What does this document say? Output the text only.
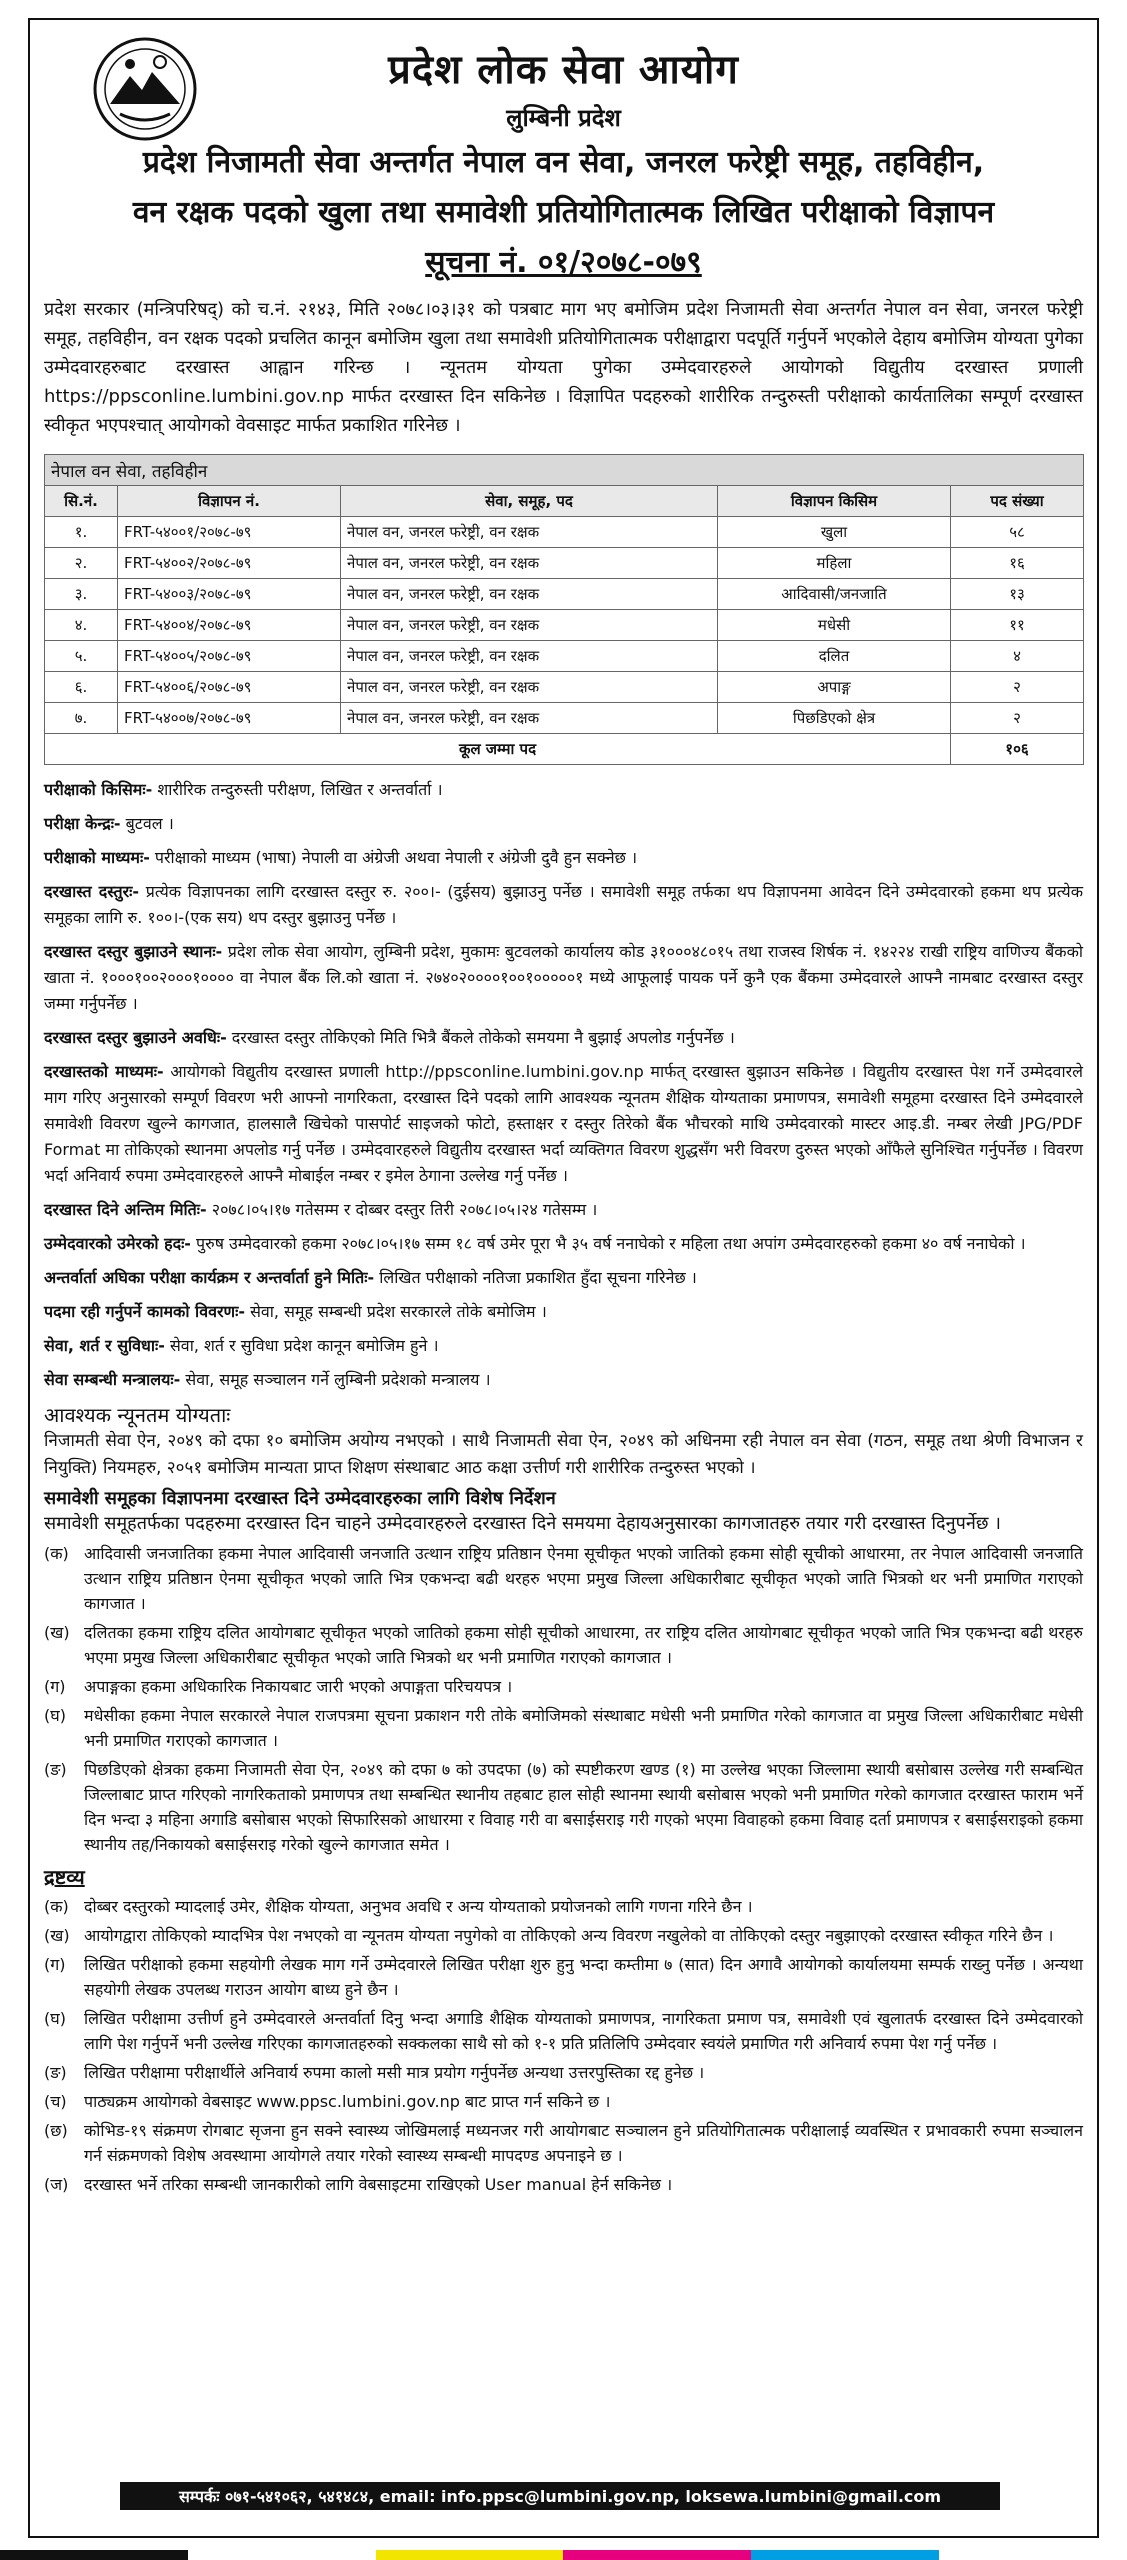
प्रदेश लोक सेवा आयोग
लुम्बिनी प्रदेश
प्रदेश निजामती सेवा अन्तर्गत नेपाल वन सेवा, जनरल फरेष्ट्री समूह, तहविहीन,
वन रक्षक पदको खुला तथा समावेशी प्रतियोगितात्मक लिखित परीक्षाको विज्ञापन
सूचना नं. ०१/२०७८-०७९
प्रदेश सरकार (मन्त्रिपरिषद्) को च.नं. २१४३, मिति २०७८।०३।३१ को पत्रबाट माग भए बमोजिम प्रदेश निजामती सेवा अन्तर्गत नेपाल वन सेवा, जनरल फरेष्ट्री समूह, तहविहीन, वन रक्षक पदको प्रचलित कानून बमोजिम खुला तथा समावेशी प्रतियोगितात्मक परीक्षाद्वारा पदपूर्ति गर्नुपर्ने भएकोले देहाय बमोजिम योग्यता पुगेका उम्मेदवारहरुबाट दरखास्त आह्वान गरिन्छ । न्यूनतम योग्यता पुगेका उम्मेदवारहरुले आयोगको विद्युतीय दरखास्त प्रणाली https://ppsconline.lumbini.gov.np मार्फत दरखास्त दिन सकिनेछ । विज्ञापित पदहरुको शारीरिक तन्दुरुस्ती परीक्षाको कार्यतालिका सम्पूर्ण दरखास्त स्वीकृत भएपश्चात् आयोगको वेवसाइट मार्फत प्रकाशित गरिनेछ ।
नेपाल वन सेवा, तहविहीन				
सि.नं.	विज्ञापन नं.	सेवा, समूह, पद	विज्ञापन किसिम	पद संख्या
१.	FRT-५४००१/२०७८-७९	नेपाल वन, जनरल फरेष्ट्री, वन रक्षक	खुला	५८
२.	FRT-५४००२/२०७८-७९	नेपाल वन, जनरल फरेष्ट्री, वन रक्षक	महिला	१६
३.	FRT-५४००३/२०७८-७९	नेपाल वन, जनरल फरेष्ट्री, वन रक्षक	आदिवासी/जनजाति	१३
४.	FRT-५४००४/२०७८-७९	नेपाल वन, जनरल फरेष्ट्री, वन रक्षक	मधेसी	११
५.	FRT-५४००५/२०७८-७९	नेपाल वन, जनरल फरेष्ट्री, वन रक्षक	दलित	४
६.	FRT-५४००६/२०७८-७९	नेपाल वन, जनरल फरेष्ट्री, वन रक्षक	अपाङ्ग	२
७.	FRT-५४००७/२०७८-७९	नेपाल वन, जनरल फरेष्ट्री, वन रक्षक	पिछडिएको क्षेत्र	२
कूल जम्मा पद				१०६

परीक्षाको किसिमः- शारीरिक तन्दुरुस्ती परीक्षण, लिखित र अन्तर्वार्ता ।

परीक्षा केन्द्रः- बुटवल ।

परीक्षाको माध्यमः- परीक्षाको माध्यम (भाषा) नेपाली वा अंग्रेजी अथवा नेपाली र अंग्रेजी दुवै हुन सक्नेछ ।

दरखास्त दस्तुरः- प्रत्येक विज्ञापनका लागि दरखास्त दस्तुर रु. २००।- (दुईसय) बुझाउनु पर्नेछ । समावेशी समूह तर्फका थप विज्ञापनमा आवेदन दिने उम्मेदवारको हकमा थप प्रत्येक समूहका लागि रु. १००।-(एक सय) थप दस्तुर बुझाउनु पर्नेछ ।

दरखास्त दस्तुर बुझाउने स्थानः- प्रदेश लोक सेवा आयोग, लुम्बिनी प्रदेश, मुकामः बुटवलको कार्यालय कोड ३१०००४८०१५ तथा राजस्व शिर्षक नं. १४२२४ राखी राष्ट्रिय वाणिज्य बैंकको खाता नं. १०००१००२०००१०००० वा नेपाल बैंक लि.को खाता नं. २७४०२००००१००१०००००१ मध्ये आफूलाई पायक पर्ने कुनै एक बैंकमा उम्मेदवारले आफ्नै नामबाट दरखास्त दस्तुर जम्मा गर्नुपर्नेछ ।

दरखास्त दस्तुर बुझाउने अवधिः- दरखास्त दस्तुर तोकिएको मिति भित्रै बैंकले तोकेको समयमा नै बुझाई अपलोड गर्नुपर्नेछ ।

दरखास्तको माध्यमः- आयोगको विद्युतीय दरखास्त प्रणाली http://ppsconline.lumbini.gov.np मार्फत् दरखास्त बुझाउन सकिनेछ । विद्युतीय दरखास्त पेश गर्ने उम्मेदवारले माग गरिए अनुसारको सम्पूर्ण विवरण भरी आफ्नो नागरिकता, दरखास्त दिने पदको लागि आवश्यक न्यूनतम शैक्षिक योग्यताका प्रमाणपत्र, समावेशी समूहमा दरखास्त दिने उम्मेदवारले समावेशी विवरण खुल्ने कागजात, हालसालै खिचेको पासपोर्ट साइजको फोटो, हस्ताक्षर र दस्तुर तिरेको बैंक भौचरको माथि उम्मेदवारको मास्टर आइ.डी. नम्बर लेखी JPG/PDF Format मा तोकिएको स्थानमा अपलोड गर्नु पर्नेछ । उम्मेदवारहरुले विद्युतीय दरखास्त भर्दा व्यक्तिगत विवरण शुद्धसँग भरी विवरण दुरुस्त भएको आँफैले सुनिश्चित गर्नुपर्नेछ । विवरण भर्दा अनिवार्य रुपमा उम्मेदवारहरुले आफ्नै मोबाईल नम्बर र इमेल ठेगाना उल्लेख गर्नु पर्नेछ ।

दरखास्त दिने अन्तिम मितिः- २०७८।०५।१७ गतेसम्म र दोब्बर दस्तुर तिरी २०७८।०५।२४ गतेसम्म ।

उम्मेदवारको उमेरको हदः- पुरुष उम्मेदवारको हकमा २०७८।०५।१७ सम्म १८ वर्ष उमेर पूरा भै ३५ वर्ष ननाघेको र महिला तथा अपांग उम्मेदवारहरुको हकमा ४० वर्ष ननाघेको ।

अन्तर्वार्ता अघिका परीक्षा कार्यक्रम र अन्तर्वार्ता हुने मितिः- लिखित परीक्षाको नतिजा प्रकाशित हुँदा सूचना गरिनेछ ।

पदमा रही गर्नुपर्ने कामको विवरणः- सेवा, समूह सम्बन्धी प्रदेश सरकारले तोके बमोजिम ।

सेवा, शर्त र सुविधाः- सेवा, शर्त र सुविधा प्रदेश कानून बमोजिम हुने ।

सेवा सम्बन्धी मन्त्रालयः- सेवा, समूह सञ्चालन गर्ने लुम्बिनी प्रदेशको मन्त्रालय ।

आवश्यक न्यूनतम योग्यताः
निजामती सेवा ऐन, २०४९ को दफा १० बमोजिम अयोग्य नभएको । साथै निजामती सेवा ऐन, २०४९ को अधिनमा रही नेपाल वन सेवा (गठन, समूह तथा श्रेणी विभाजन र नियुक्ति) नियमहरु, २०५१ बमोजिम मान्यता प्राप्त शिक्षण संस्थाबाट आठ कक्षा उत्तीर्ण गरी शारीरिक तन्दुरुस्त भएको ।
समावेशी समूहका विज्ञापनमा दरखास्त दिने उम्मेदवारहरुका लागि विशेष निर्देशन
समावेशी समूहतर्फका पदहरुमा दरखास्त दिन चाहने उम्मेदवारहरुले दरखास्त दिने समयमा देहायअनुसारका कागजातहरु तयार गरी दरखास्त दिनुपर्नेछ ।
(क) आदिवासी जनजातिका हकमा नेपाल आदिवासी जनजाति उत्थान राष्ट्रिय प्रतिष्ठान ऐनमा सूचीकृत भएको जातिको हकमा सोही सूचीको आधारमा, तर नेपाल आदिवासी जनजाति उत्थान राष्ट्रिय प्रतिष्ठान ऐनमा सूचीकृत भएको जाति भित्र एकभन्दा बढी थरहरु भएमा प्रमुख जिल्ला अधिकारीबाट सूचीकृत भएको जाति भित्रको थर भनी प्रमाणित गराएको कागजात ।
(ख) दलितका हकमा राष्ट्रिय दलित आयोगबाट सूचीकृत भएको जातिको हकमा सोही सूचीको आधारमा, तर राष्ट्रिय दलित आयोगबाट सूचीकृत भएको जाति भित्र एकभन्दा बढी थरहरु भएमा प्रमुख जिल्ला अधिकारीबाट सूचीकृत भएको जाति भित्रको थर भनी प्रमाणित गराएको कागजात ।
(ग)	अपाङ्गका हकमा अधिकारिक निकायबाट जारी भएको अपाङ्गता परिचयपत्र ।
(घ)	मधेसीका हकमा नेपाल सरकारले नेपाल राजपत्रमा सूचना प्रकाशन गरी तोके बमोजिमको संस्थाबाट मधेसी भनी प्रमाणित गरेको कागजात वा प्रमुख जिल्ला अधिकारीबाट मधेसी भनी प्रमाणित गराएको कागजात ।
(ङ)	पिछडिएको क्षेत्रका हकमा निजामती सेवा ऐन, २०४९ को दफा ७ को उपदफा (७) को स्पष्टीकरण खण्ड (१) मा उल्लेख भएका जिल्लामा स्थायी बसोबास उल्लेख गरी सम्बन्धित जिल्लाबाट प्राप्त गरिएको नागरिकताको प्रमाणपत्र तथा सम्बन्धित स्थानीय तहबाट हाल सोही स्थानमा स्थायी बसोबास भएको भनी प्रमाणित गरेको कागजात दरखास्त फाराम भर्ने दिन भन्दा ३ महिना अगाडि बसोबास भएको सिफारिसको आधारमा र विवाह गरी वा बसाईसराइ गरी गएको भएमा विवाहको हकमा विवाह दर्ता प्रमाणपत्र र बसाईसराइको हकमा स्थानीय तह/निकायको बसाईसराइ गरेको खुल्ने कागजात समेत ।
द्रष्टव्य
(क) दोब्बर दस्तुरको म्यादलाई उमेर, शैक्षिक योग्यता, अनुभव अवधि र अन्य योग्यताको प्रयोजनको लागि गणना गरिने छैन ।
(ख) आयोगद्वारा तोकिएको म्यादभित्र पेश नभएको वा न्यूनतम योग्यता नपुगेको वा तोकिएको अन्य विवरण नखुलेको वा तोकिएको दस्तुर नबुझाएको दरखास्त स्वीकृत गरिने छैन ।
(ग)	लिखित परीक्षाको हकमा सहयोगी लेखक माग गर्ने उम्मेदवारले लिखित परीक्षा शुरु हुनु भन्दा कम्तीमा ७ (सात) दिन अगावै आयोगको कार्यालयमा सम्पर्क राख्नु पर्नेछ । अन्यथा सहयोगी लेखक उपलब्ध गराउन आयोग बाध्य हुने छैन ।
(घ)	लिखित परीक्षामा उत्तीर्ण हुने उम्मेदवारले अन्तर्वार्ता दिनु भन्दा अगाडि शैक्षिक योग्यताको प्रमाणपत्र, नागरिकता प्रमाण पत्र, समावेशी एवं खुलातर्फ दरखास्त दिने उम्मेदवारको लागि पेश गर्नुपर्ने भनी उल्लेख गरिएका कागजातहरुको सक्कलका साथै सो को १-१ प्रति प्रतिलिपि उम्मेदवार स्वयंले प्रमाणित गरी अनिवार्य रुपमा पेश गर्नु पर्नेछ ।
(ङ)	लिखित परीक्षामा परीक्षार्थीले अनिवार्य रुपमा कालो मसी मात्र प्रयोग गर्नुपर्नेछ अन्यथा उत्तरपुस्तिका रद्द हुनेछ ।
(च)	पाठ्यक्रम आयोगको वेबसाइट www.ppsc.lumbini.gov.np बाट प्राप्त गर्न सकिने छ ।
(छ)	कोभिड-१९ संक्रमण रोगबाट सृजना हुन सक्ने स्वास्थ्य जोखिमलाई मध्यनजर गरी आयोगबाट सञ्चालन हुने प्रतियोगितात्मक परीक्षालाई व्यवस्थित र प्रभावकारी रुपमा सञ्चालन गर्न संक्रमणको विशेष अवस्थामा आयोगले तयार गरेको स्वास्थ्य सम्बन्धी मापदण्ड अपनाइने छ ।
(ज) दरखास्त भर्ने तरिका सम्बन्धी जानकारीको लागि वेबसाइटमा राखिएको User manual हेर्न सकिनेछ ।
सम्पर्कः ०७१-५४१०६२, ५४१४८४, email: info.ppsc@lumbini.gov.np, loksewa.lumbini@gmail.com
